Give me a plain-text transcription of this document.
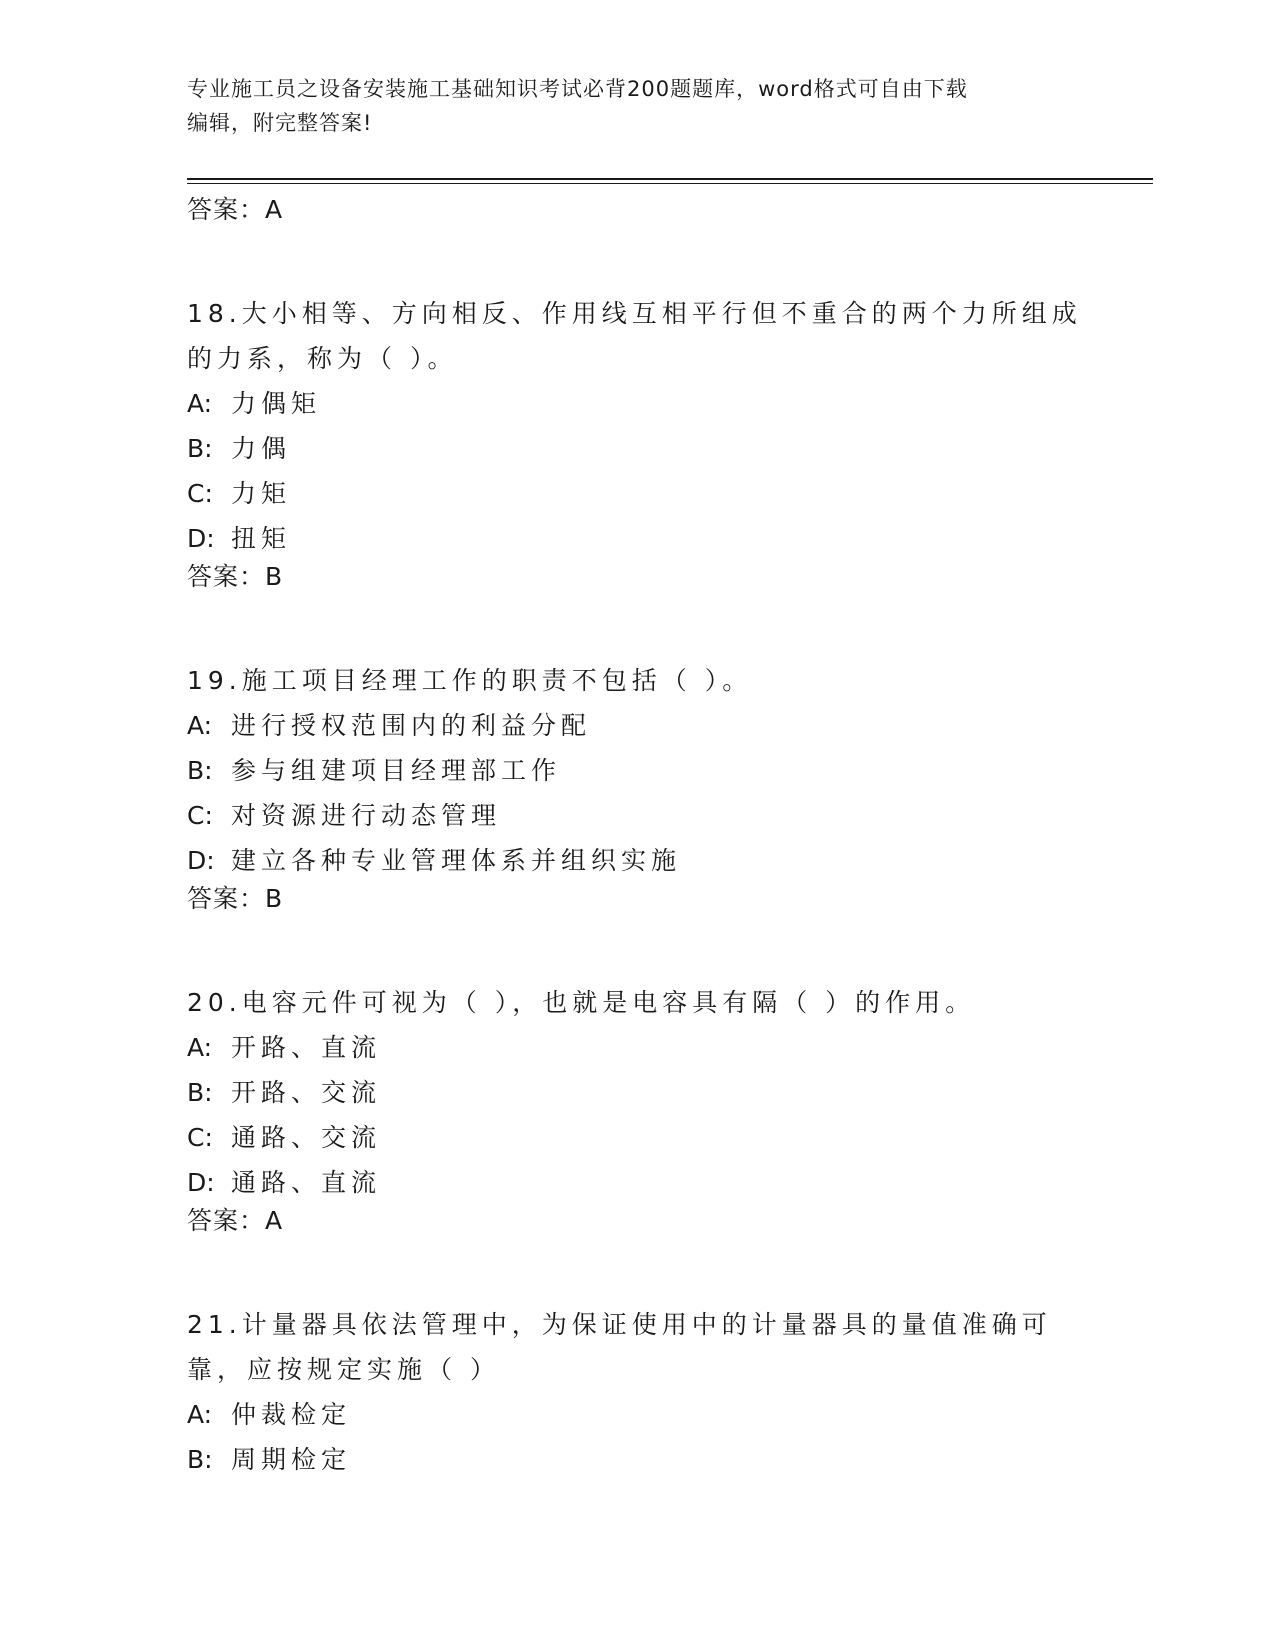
专业施工员之设备安装施工基础知识考试必背200题题库，word格式可自由下载
编辑，附完整答案!
答案：A
18.大小相等、方向相反、作用线互相平行但不重合的两个力所组成的力系，称为（ ）。
A: 力偶矩
B: 力偶
C: 力矩
D: 扭矩
答案：B
19.施工项目经理工作的职责不包括（ ）。
A: 进行授权范围内的利益分配
B: 参与组建项目经理部工作
C: 对资源进行动态管理
D: 建立各种专业管理体系并组织实施
答案：B
20.电容元件可视为（ ），也就是电容具有隔（ ）的作用。
A: 开路、直流
B: 开路、交流
C: 通路、交流
D: 通路、直流
答案：A
21.计量器具依法管理中，为保证使用中的计量器具的量值准确可靠，应按规定实施（ ）
A: 仲裁检定
B: 周期检定
